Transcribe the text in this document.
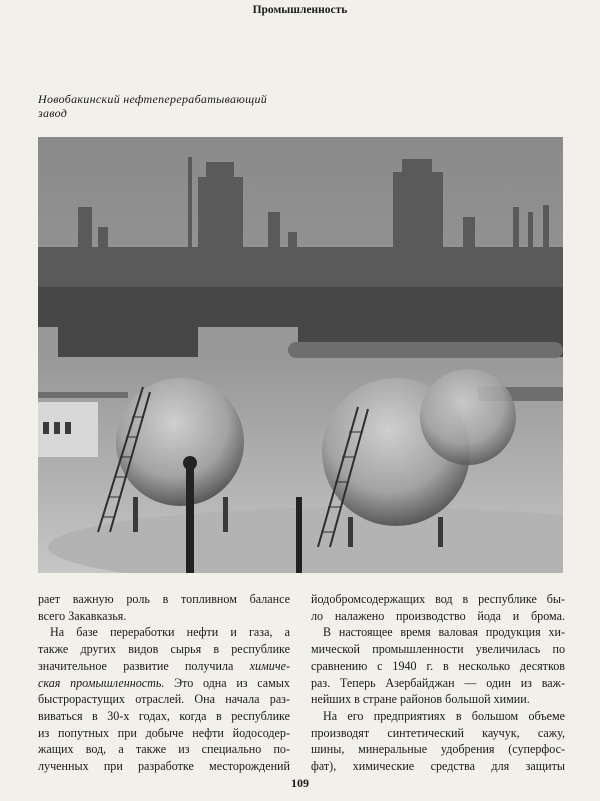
Промышленность
Новобакинский нефтеперерабатывающий
завод
рает важную роль в топливном балансе
всего Закавказья.
На базе переработки нефти и газа, а
также других видов сырья в республике
значительное развитие получила химиче-
ская промышленность. Это одна из самых
быстрорастущих отраслей. Она начала раз-
виваться в 30-х годах, когда в республике
из попутных при добыче нефти йодосодер-
жащих вод, а также из специально по-
лученных при разработке месторождений
йодобромсодержащих вод в республике бы-
ло налажено производство йода и брома.
В настоящее время валовая продукция хи-
мической промышленности увеличилась по
сравнению с 1940 г. в несколько десятков
раз. Теперь Азербайджан — один из важ-
нейших в стране районов большой химии.
На его предприятиях в большом объеме
производят синтетический каучук, сажу,
шины, минеральные удобрения (суперфос-
фат), химические средства для защиты
109
